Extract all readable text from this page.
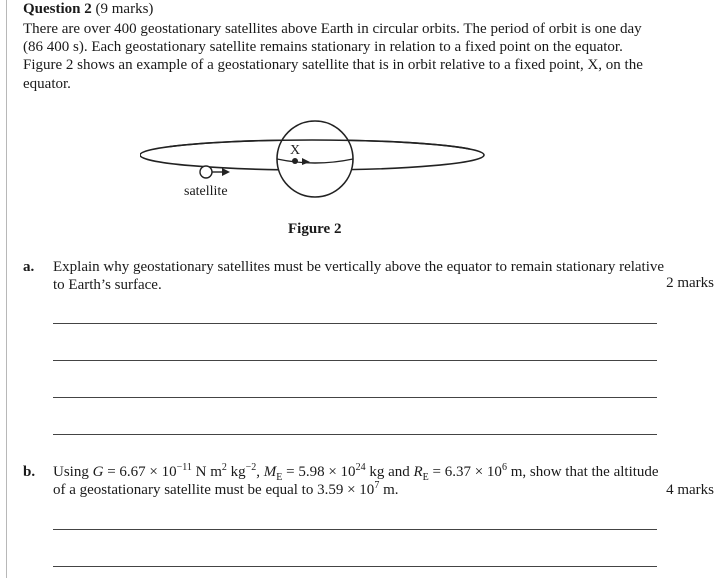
Question 2 (9 marks)

There are over 400 geostationary satellites above Earth in circular orbits. The period of orbit is one day

(86 400 s). Each geostationary satellite remains stationary in relation to a fixed point on the equator.

Figure 2 shows an example of a geostationary satellite that is in orbit relative to a fixed point, X, on the

equator.

X
satellite
Figure 2
a. Explain why geostationary satellites must be vertically above the equator to remain stationary relative

to Earth’s surface.	2 marks
b. Using $G = 6.67 \times 10^{-11}$ N $m^2$ $kg^{-2}$, $M_E = 5.98 \times 10^{24}$ kg and $R_E = 6.37 \times 10^6$ m, show that the altitude

of a geostationary satellite must be equal to $3.59 \times 10^7$ m.	4 marks
